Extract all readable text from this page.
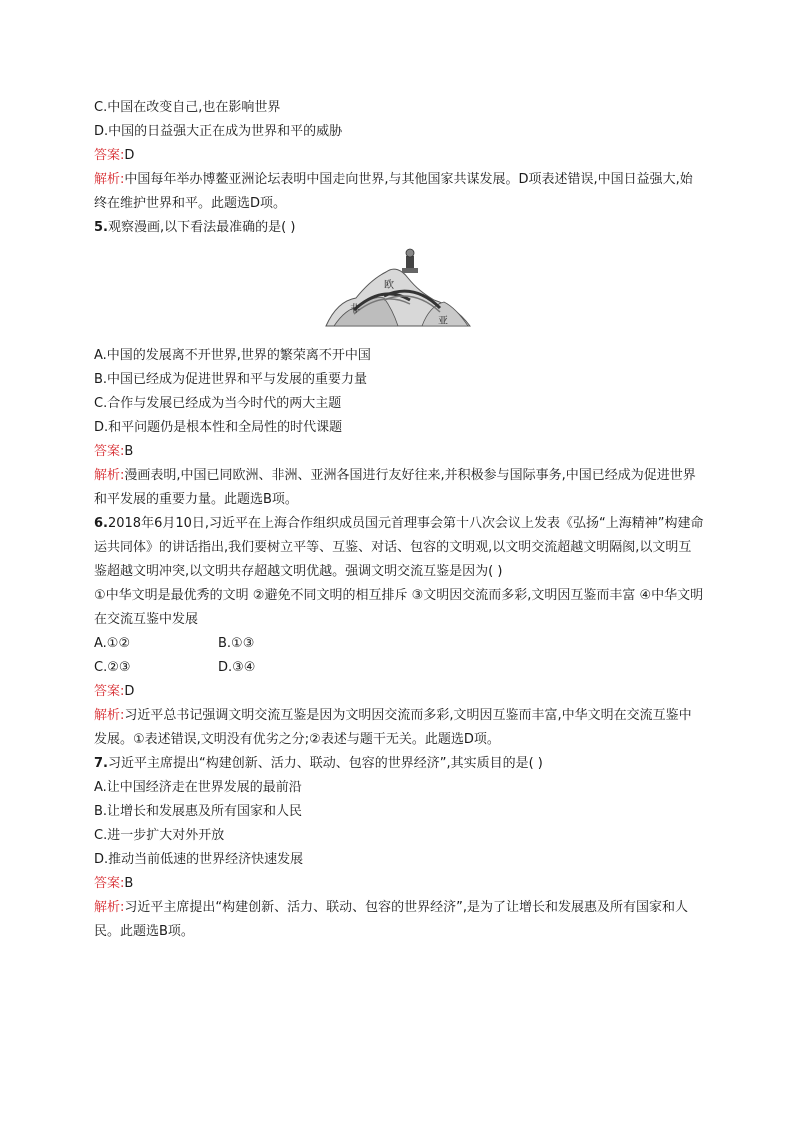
C.中国在改变自己,也在影响世界
D.中国的日益强大正在成为世界和平的威胁
答案:D
解析:中国每年举办博鳌亚洲论坛表明中国走向世界,与其他国家共谋发展。D项表述错误,中国日益强大,始终在维护世界和平。此题选D项。
5.观察漫画,以下看法最准确的是( )
欧
非
亚
A.中国的发展离不开世界,世界的繁荣离不开中国
B.中国已经成为促进世界和平与发展的重要力量
C.合作与发展已经成为当今时代的两大主题
D.和平问题仍是根本性和全局性的时代课题
答案:B
解析:漫画表明,中国已同欧洲、非洲、亚洲各国进行友好往来,并积极参与国际事务,中国已经成为促进世界和平发展的重要力量。此题选B项。
6.2018年6月10日,习近平在上海合作组织成员国元首理事会第十八次会议上发表《弘扬“上海精神”构建命运共同体》的讲话指出,我们要树立平等、互鉴、对话、包容的文明观,以文明交流超越文明隔阂,以文明互鉴超越文明冲突,以文明共存超越文明优越。强调文明交流互鉴是因为( )
①中华文明是最优秀的文明 ②避免不同文明的相互排斥 ③文明因交流而多彩,文明因互鉴而丰富 ④中华文明在交流互鉴中发展
A.①②	B.①③
C.②③	D.③④
答案:D
解析:习近平总书记强调文明交流互鉴是因为文明因交流而多彩,文明因互鉴而丰富,中华文明在交流互鉴中发展。①表述错误,文明没有优劣之分;②表述与题干无关。此题选D项。
7.习近平主席提出“构建创新、活力、联动、包容的世界经济”,其实质目的是( )
A.让中国经济走在世界发展的最前沿
B.让增长和发展惠及所有国家和人民
C.进一步扩大对外开放
D.推动当前低速的世界经济快速发展
答案:B
解析:习近平主席提出“构建创新、活力、联动、包容的世界经济”,是为了让增长和发展惠及所有国家和人民。此题选B项。
